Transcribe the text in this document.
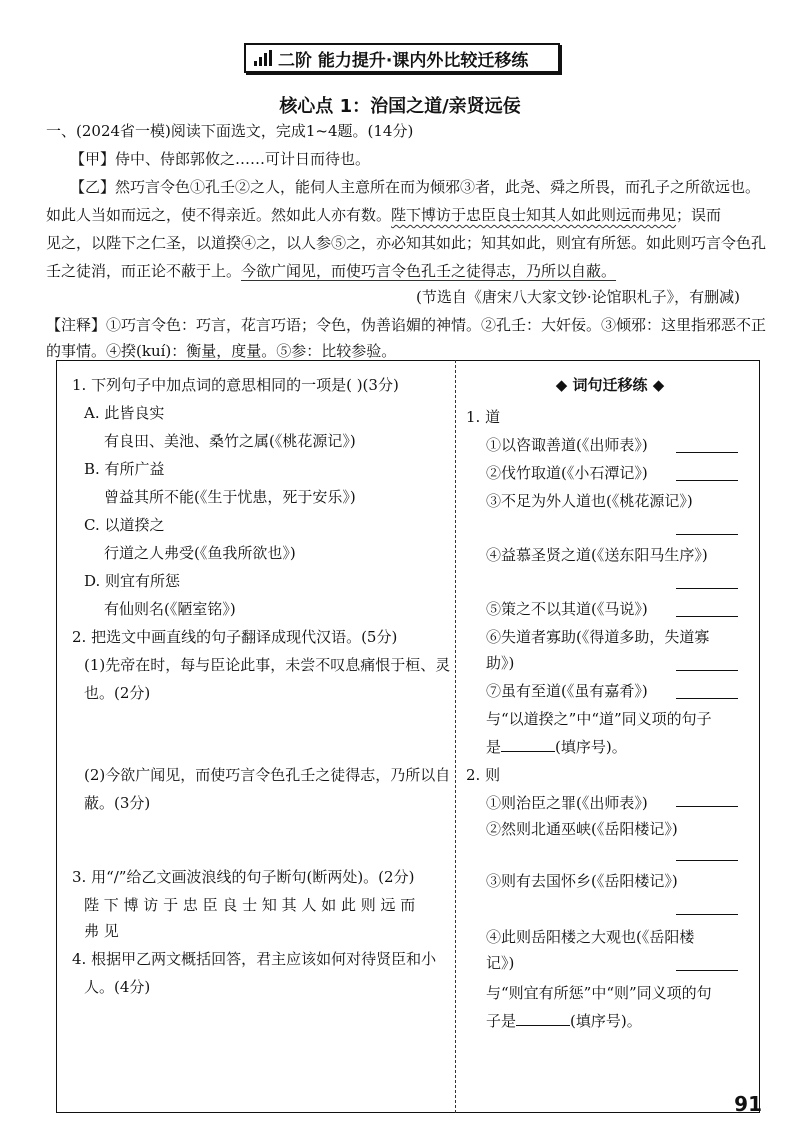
二阶 能力提升·课内外比较迁移练
核心点 1：治国之道/亲贤远佞
一、(2024省一模)阅读下面选文，完成1~4题。(14分)
【甲】侍中、侍郎郭攸之……可计日而待也。
【乙】然巧言令色①孔壬②之人，能伺人主意所在而为倾邪③者，此尧、舜之所畏，而孔子之所欲远也。
如此人当如而远之，使不得亲近。然如此人亦有数。陛下博访于忠臣良士知其人如此则远而弗见；误而
见之，以陛下之仁圣，以道揆④之，以人参⑤之，亦必知其如此；知其如此，则宜有所惩。如此则巧言令色孔
壬之徒消，而正论不蔽于上。今欲广闻见，而使巧言令色孔壬之徒得志，乃所以自蔽。
(节选自《唐宋八大家文钞·论馆职札子》，有删减)
【注释】①巧言令色：巧言，花言巧语；令色，伪善谄媚的神情。②孔壬：大奸佞。③倾邪：这里指邪恶不正
的事情。④揆(kuí)：衡量，度量。⑤参：比较参验。
1. 下列句子中加点词的意思相同的一项是( )(3分)
A. 此皆良实
有良田、美池、桑竹之属(《桃花源记》)
B. 有所广益
曾益其所不能(《生于忧患，死于安乐》)
C. 以道揆之
行道之人弗受(《鱼我所欲也》)
D. 则宜有所惩
有仙则名(《陋室铭》)
2. 把选文中画直线的句子翻译成现代汉语。(5分)
(1)先帝在时，每与臣论此事，未尝不叹息痛恨于桓、灵
也。(2分)
(2)今欲广闻见，而使巧言令色孔壬之徒得志，乃所以自
蔽。(3分)
3. 用“/”给乙文画波浪线的句子断句(断两处)。(2分)
陛 下 博 访 于 忠 臣 良 士 知 其 人 如 此 则 远 而
弗 见
4. 根据甲乙两文概括回答，君主应该如何对待贤臣和小
人。(4分)
◆ 词句迁移练 ◆
1. 道
①以咨诹善道(《出师表》)
②伐竹取道(《小石潭记》)
③不足为外人道也(《桃花源记》)
④益慕圣贤之道(《送东阳马生序》)
⑤策之不以其道(《马说》)
⑥失道者寡助(《得道多助，失道寡
助》)
⑦虽有至道(《虽有嘉肴》)
与“以道揆之”中“道”同义项的句子
是	(填序号)。
2. 则
①则治臣之罪(《出师表》)
②然则北通巫峡(《岳阳楼记》)
③则有去国怀乡(《岳阳楼记》)
④此则岳阳楼之大观也(《岳阳楼
记》)
与“则宜有所惩”中“则”同义项的句
子是	(填序号)。
91
